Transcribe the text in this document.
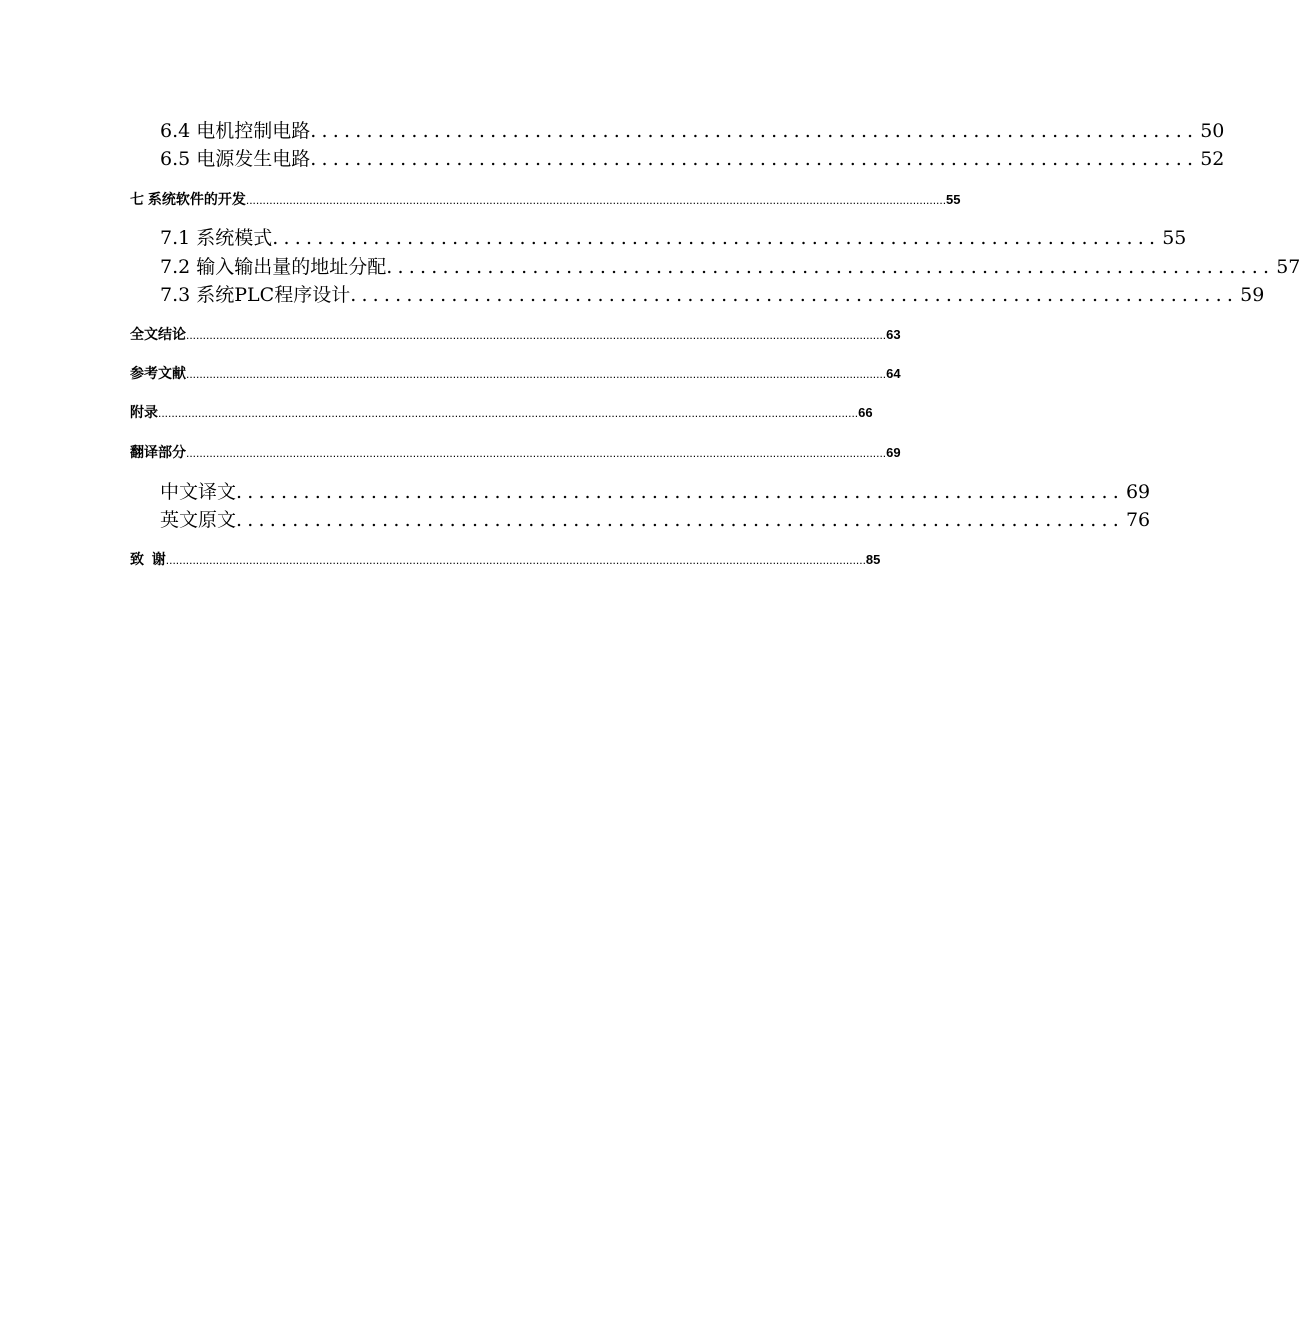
6.4 电机控制电路 ............................................................................... 50
6.5 电源发生电路 ............................................................................... 52
七 系统软件的开发 .................................................................................................................................................................................................................. 55
7.1 系统模式 ............................................................................... 55
7.2 输入输出量的地址分配 ............................................................................... 57
7.3 系统PLC程序设计 ............................................................................... 59
全文结论 .................................................................................................................................................................................................................. 63
参考文献 .................................................................................................................................................................................................................. 64
附录 .................................................................................................................................................................................................................. 66
翻译部分 .................................................................................................................................................................................................................. 69
中文译文 ............................................................................... 69
英文原文 ............................................................................... 76
致  谢 .................................................................................................................................................................................................................. 85
